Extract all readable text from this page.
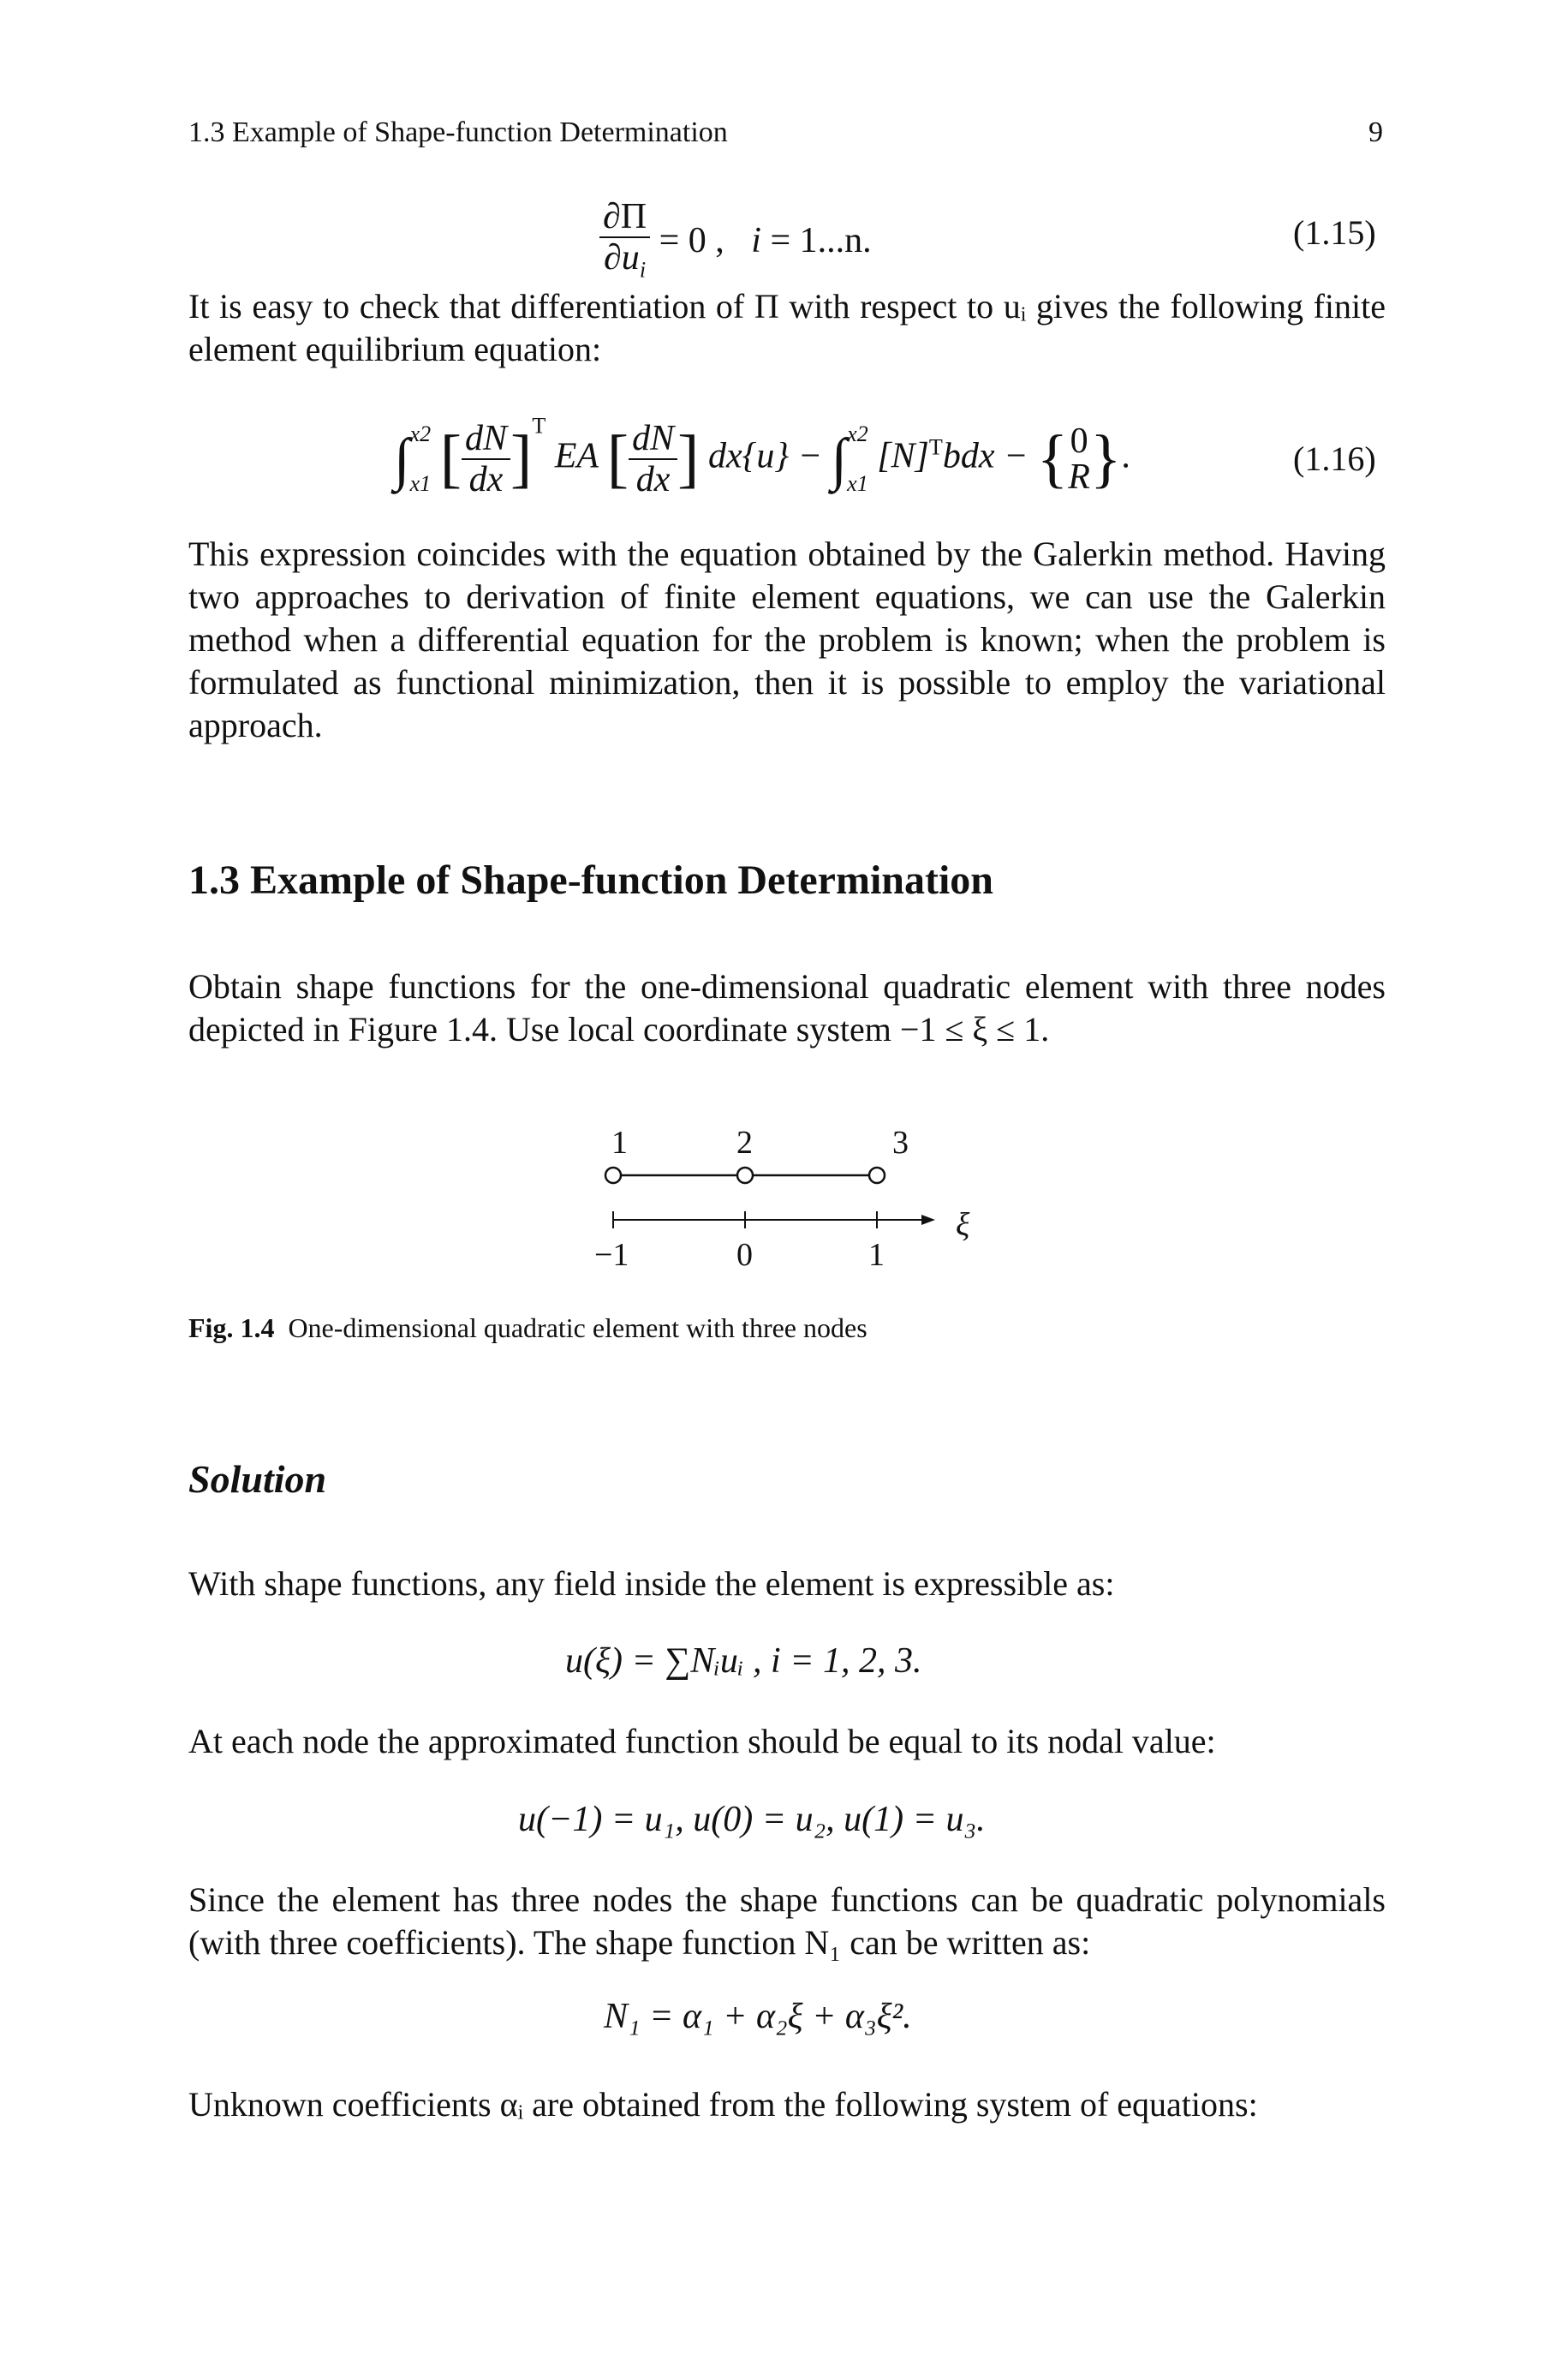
1.3 Example of Shape-function Determination	9
$\frac{\partial\Pi}{\partial u_i} = 0$ , i = 1...n.	(1.15)
It is easy to check that differentiation of Π with respect to uᵢ gives the following finite element equilibrium equation:
∫ x2
x1 [ $\frac{dN}{dx} ]^T$ EA [ $\frac{dN}{dx}$ ] dx{u} − ∫ x2
x1
$[N]^Tbdx$ − { 0
R }.	(1.16)
This expression coincides with the equation obtained by the Galerkin method. Having two approaches to derivation of finite element equations, we can use the Galerkin method when a differential equation for the problem is known; when the problem is formulated as functional minimization, then it is possible to employ the variational approach.
1.3 Example of Shape-function Determination
Obtain shape functions for the one-dimensional quadratic element with three nodes depicted in Figure 1.4. Use local coordinate system −1 ≤ ξ ≤ 1.
1	2	3
−1	0	1
ξ
Fig. 1.4 One-dimensional quadratic element with three nodes
Solution
With shape functions, any field inside the element is expressible as:
u(ξ) = ∑Nᵢuᵢ , i = 1, 2, 3.
At each node the approximated function should be equal to its nodal value:
u(−1) = u₁, u(0) = u₂, u(1) = u₃.
Since the element has three nodes the shape functions can be quadratic polynomials (with three coefficients). The shape function N₁ can be written as:
N₁ = α₁ + α₂ξ + α₃ξ².
Unknown coefficients αᵢ are obtained from the following system of equations:
